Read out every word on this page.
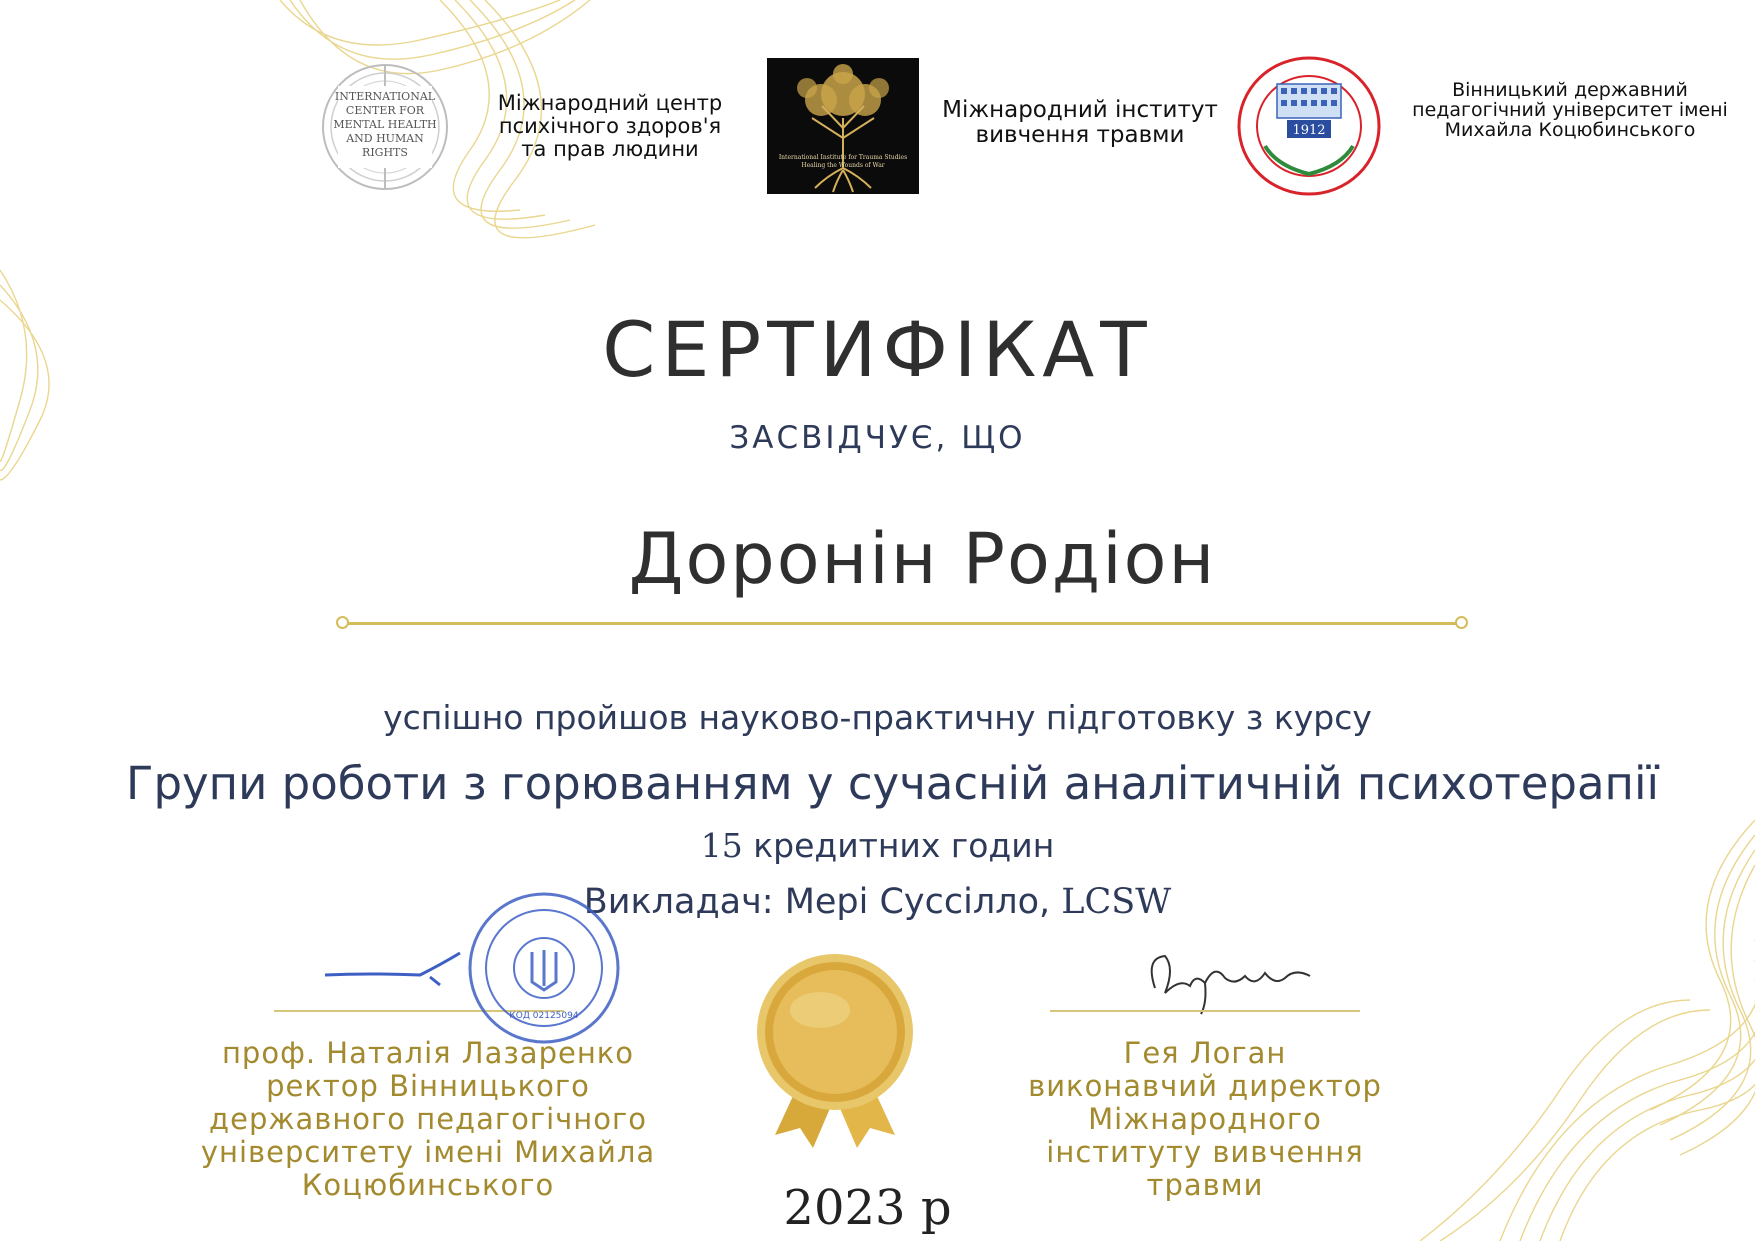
INTERNATIONAL CENTER FOR MENTAL HEALTH AND HUMAN RIGHTS
Міжнародний центр
психічного здоров'я
та прав людини	International Institute for Trauma Studies
Healing the Wounds of War
Міжнародний інститут
вивчення травми	1912
Вінницький державний
педагогічний університет імені
Михайла Коцюбинського
СЕРТИФІКАТ
ЗАСВІДЧУЄ, ЩО
Доронін Родіон
успішно пройшов науково-практичну підготовку з курсу
Групи роботи з горюванням у сучасній аналітичній психотерапії
15 кредитних годин
Викладач: Мері Суссілло, LCSW
КОД 02125094
проф. Наталія Лазаренко
ректор Вінницького
державного педагогічного
університету імені Михайла
Коцюбинського
Гея Логан
виконавчий директор
Міжнародного
інституту вивчення
травми
2023 р
